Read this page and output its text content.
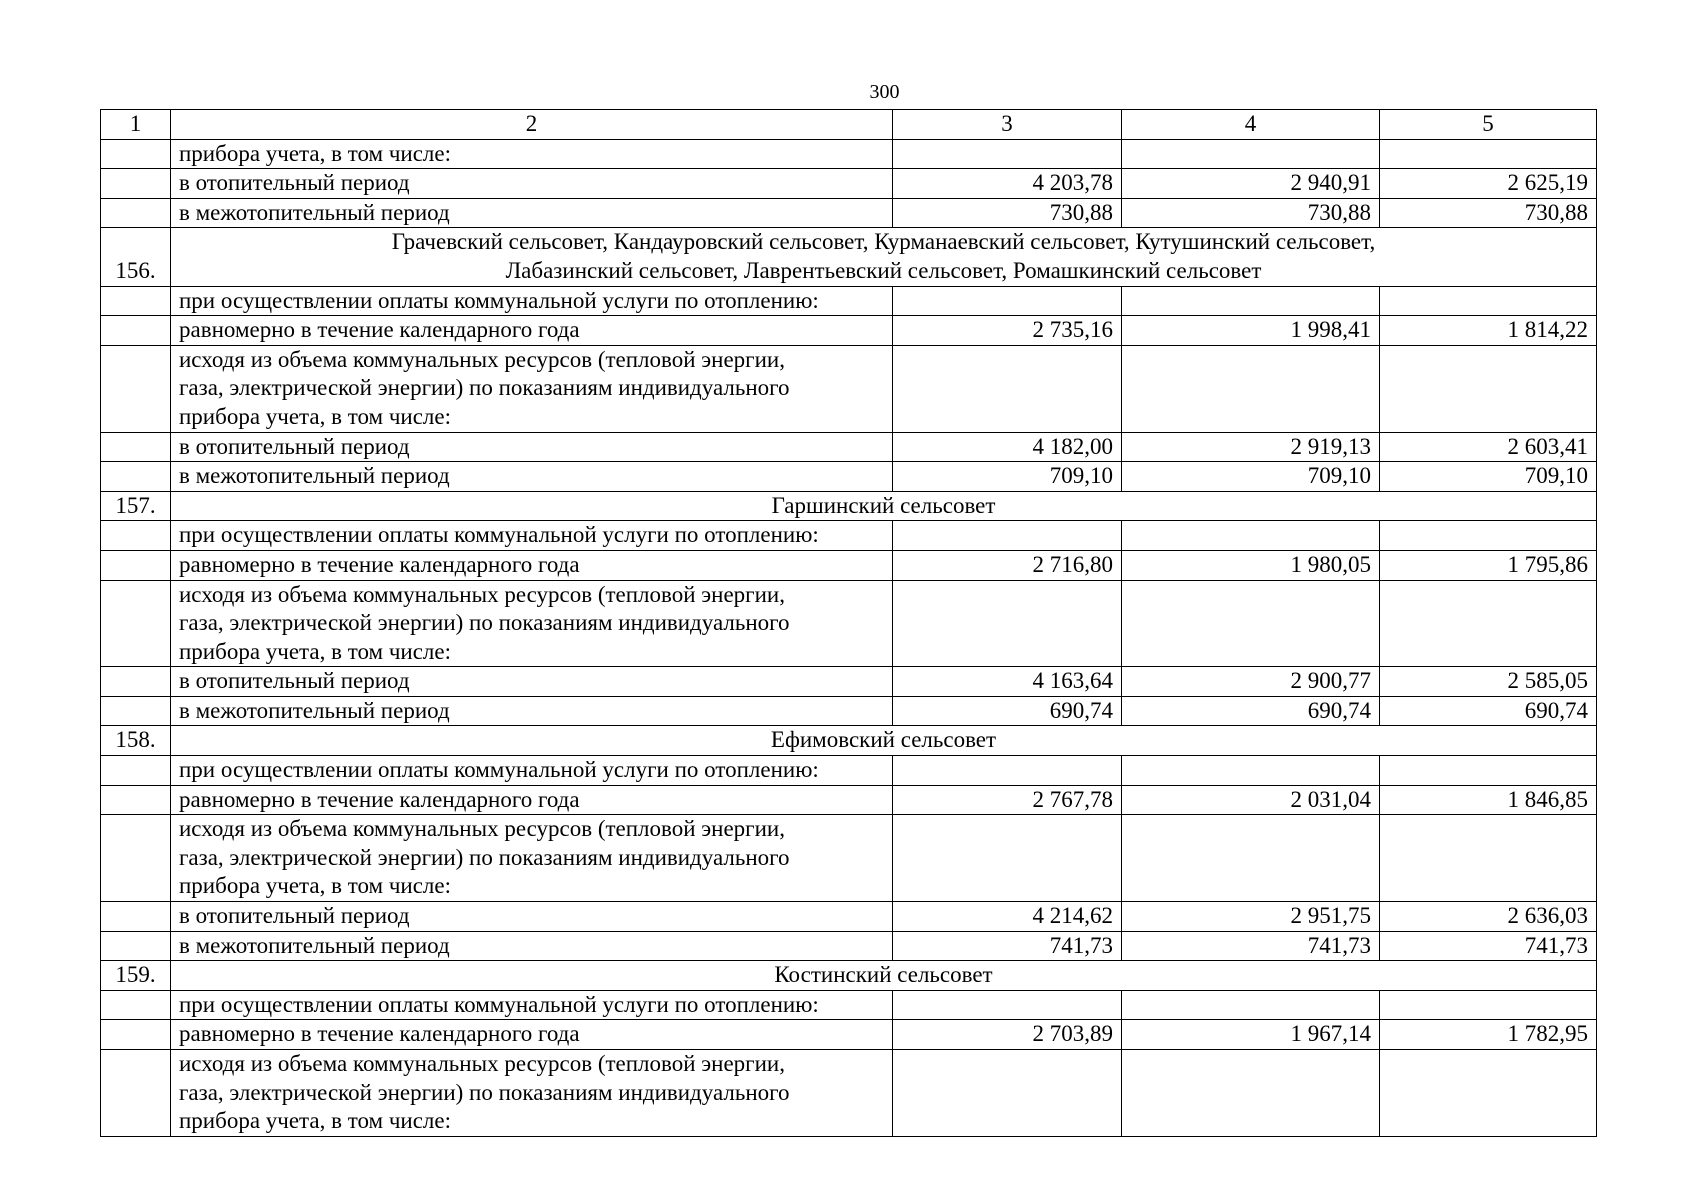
300
1	2	3	4	5
	прибора учета, в том числе:			
	в отопительный период	4 203,78	2 940,91	2 625,19
	в межотопительный период	730,88	730,88	730,88
156.	Грачевский сельсовет, Кандауровский сельсовет, Курманаевский сельсовет, Кутушинский сельсовет,
Лабазинский сельсовет, Лаврентьевский сельсовет, Ромашкинский сельсовет			

	при осуществлении оплаты коммунальной услуги по отоплению:			
	равномерно в течение календарного года	2 735,16	1 998,41	1 814,22

	исходя из объема коммунальных ресурсов (тепловой энергии,
газа, электрической энергии) по показаниям индивидуального
прибора учета, в том числе:			

	в отопительный период	4 182,00	2 919,13	2 603,41
	в межотопительный период	709,10	709,10	709,10
157.	Гаршинский сельсовет			

	при осуществлении оплаты коммунальной услуги по отоплению:			
	равномерно в течение календарного года	2 716,80	1 980,05	1 795,86

	исходя из объема коммунальных ресурсов (тепловой энергии,
газа, электрической энергии) по показаниям индивидуального
прибора учета, в том числе:			

	в отопительный период	4 163,64	2 900,77	2 585,05
	в межотопительный период	690,74	690,74	690,74
158.	Ефимовский сельсовет			

	при осуществлении оплаты коммунальной услуги по отоплению:			
	равномерно в течение календарного года	2 767,78	2 031,04	1 846,85

	исходя из объема коммунальных ресурсов (тепловой энергии,
газа, электрической энергии) по показаниям индивидуального
прибора учета, в том числе:			

	в отопительный период	4 214,62	2 951,75	2 636,03
	в межотопительный период	741,73	741,73	741,73
159.	Костинский сельсовет			

	при осуществлении оплаты коммунальной услуги по отоплению:			
	равномерно в течение календарного года	2 703,89	1 967,14	1 782,95

	исходя из объема коммунальных ресурсов (тепловой энергии,
газа, электрической энергии) по показаниям индивидуального
прибора учета, в том числе:			
